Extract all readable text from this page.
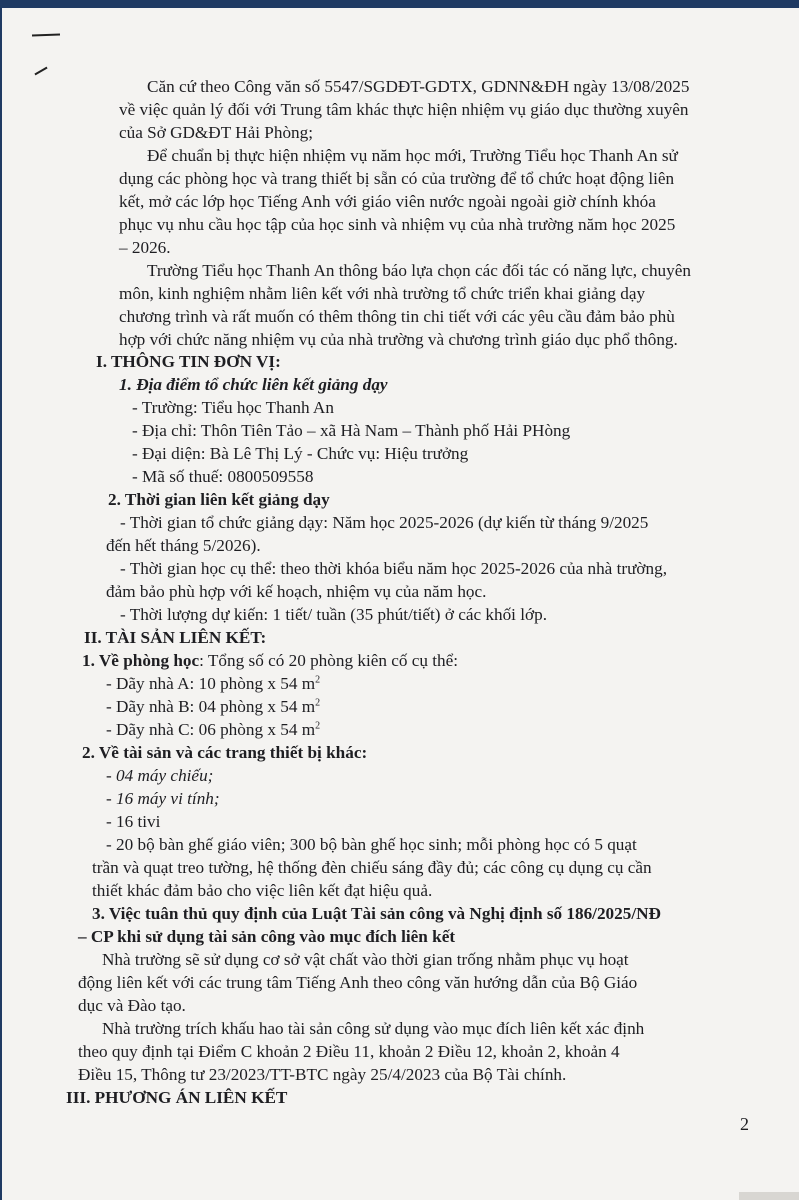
Căn cứ theo Công văn số 5547/SGDĐT-GDTX, GDNN&ĐH ngày 13/08/2025
về việc quản lý đối với Trung tâm khác thực hiện nhiệm vụ giáo dục thường xuyên
của Sở GD&ĐT Hải Phòng;
Để chuẩn bị thực hiện nhiệm vụ năm học mới, Trường Tiểu học Thanh An sử
dụng các phòng học và trang thiết bị sẵn có của trường để tổ chức hoạt động liên
kết, mở các lớp học Tiếng Anh với giáo viên nước ngoài ngoài giờ chính khóa
phục vụ nhu cầu học tập của học sinh và nhiệm vụ của nhà trường năm học 2025
– 2026.
Trường Tiểu học Thanh An thông báo lựa chọn các đối tác có năng lực, chuyên
môn, kinh nghiệm nhằm liên kết với nhà trường tổ chức triển khai giảng dạy
chương trình và rất muốn có thêm thông tin chi tiết với các yêu cầu đảm bảo phù
hợp với chức năng nhiệm vụ của nhà trường và chương trình giáo dục phổ thông.
I. THÔNG TIN ĐƠN VỊ:
1. Địa điểm tổ chức liên kết giảng dạy
- Trường: Tiểu học Thanh An
- Địa chỉ: Thôn Tiên Tảo – xã Hà Nam – Thành phố Hải PHòng
- Đại diện: Bà Lê Thị Lý - Chức vụ: Hiệu trưởng
- Mã số thuế: 0800509558
2. Thời gian liên kết giảng dạy
- Thời gian tổ chức giảng dạy: Năm học 2025-2026 (dự kiến từ tháng 9/2025
đến hết tháng 5/2026).
- Thời gian học cụ thể: theo thời khóa biểu năm học 2025-2026 của nhà trường,
đảm bảo phù hợp với kế hoạch, nhiệm vụ của năm học.
- Thời lượng dự kiến: 1 tiết/ tuần (35 phút/tiết) ở các khối lớp.
II. TÀI SẢN LIÊN KẾT:
1. Về phòng học: Tổng số có 20 phòng kiên cố cụ thể:
- Dãy nhà A: 10 phòng x 54 $m^2$
- Dãy nhà B: 04 phòng x 54 $m^2$
- Dãy nhà C: 06 phòng x 54 $m^2$
2. Về tài sản và các trang thiết bị khác:
- 04 máy chiếu;
- 16 máy vi tính;
- 16 tivi
- 20 bộ bàn ghế giáo viên; 300 bộ bàn ghế học sinh; mỗi phòng học có 5 quạt
trần và quạt treo tường, hệ thống đèn chiếu sáng đầy đủ; các công cụ dụng cụ cần
thiết khác đảm bảo cho việc liên kết đạt hiệu quả.
3. Việc tuân thủ quy định của Luật Tài sản công và Nghị định số 186/2025/NĐ
– CP khi sử dụng tài sản công vào mục đích liên kết
Nhà trường sẽ sử dụng cơ sở vật chất vào thời gian trống nhằm phục vụ hoạt
động liên kết với các trung tâm Tiếng Anh theo công văn hướng dẫn của Bộ Giáo
dục và Đào tạo.
Nhà trường trích khấu hao tài sản công sử dụng vào mục đích liên kết xác định
theo quy định tại Điểm C khoản 2 Điều 11, khoản 2 Điều 12, khoản 2, khoản 4
Điều 15, Thông tư 23/2023/TT-BTC ngày 25/4/2023 của Bộ Tài chính.
III. PHƯƠNG ÁN LIÊN KẾT
2
